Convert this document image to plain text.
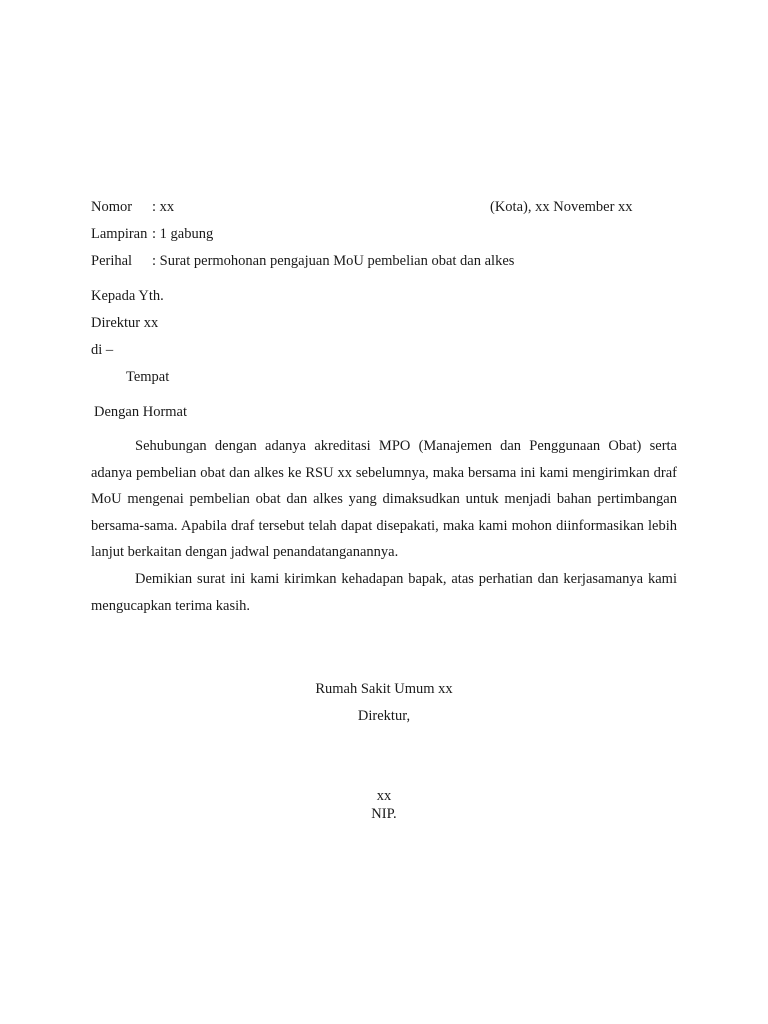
Nomor : xx	(Kota), xx November xx
Lampiran : 1 gabung
Perihal : Surat permohonan pengajuan MoU pembelian obat dan alkes
Kepada Yth.
Direktur xx
di –
Tempat
Dengan Hormat

Sehubungan dengan adanya akreditasi MPO (Manajemen dan Penggunaan Obat) serta adanya pembelian obat dan alkes ke RSU xx sebelumnya, maka bersama ini kami mengirimkan draf MoU mengenai pembelian obat dan alkes yang dimaksudkan untuk menjadi bahan pertimbangan bersama-sama. Apabila draf tersebut telah dapat disepakati, maka kami mohon diinformasikan lebih lanjut berkaitan dengan jadwal penandatanganannya.

Demikian surat ini kami kirimkan kehadapan bapak, atas perhatian dan kerjasamanya kami mengucapkan terima kasih.

Rumah Sakit Umum xx
Direktur,
xx
NIP.
